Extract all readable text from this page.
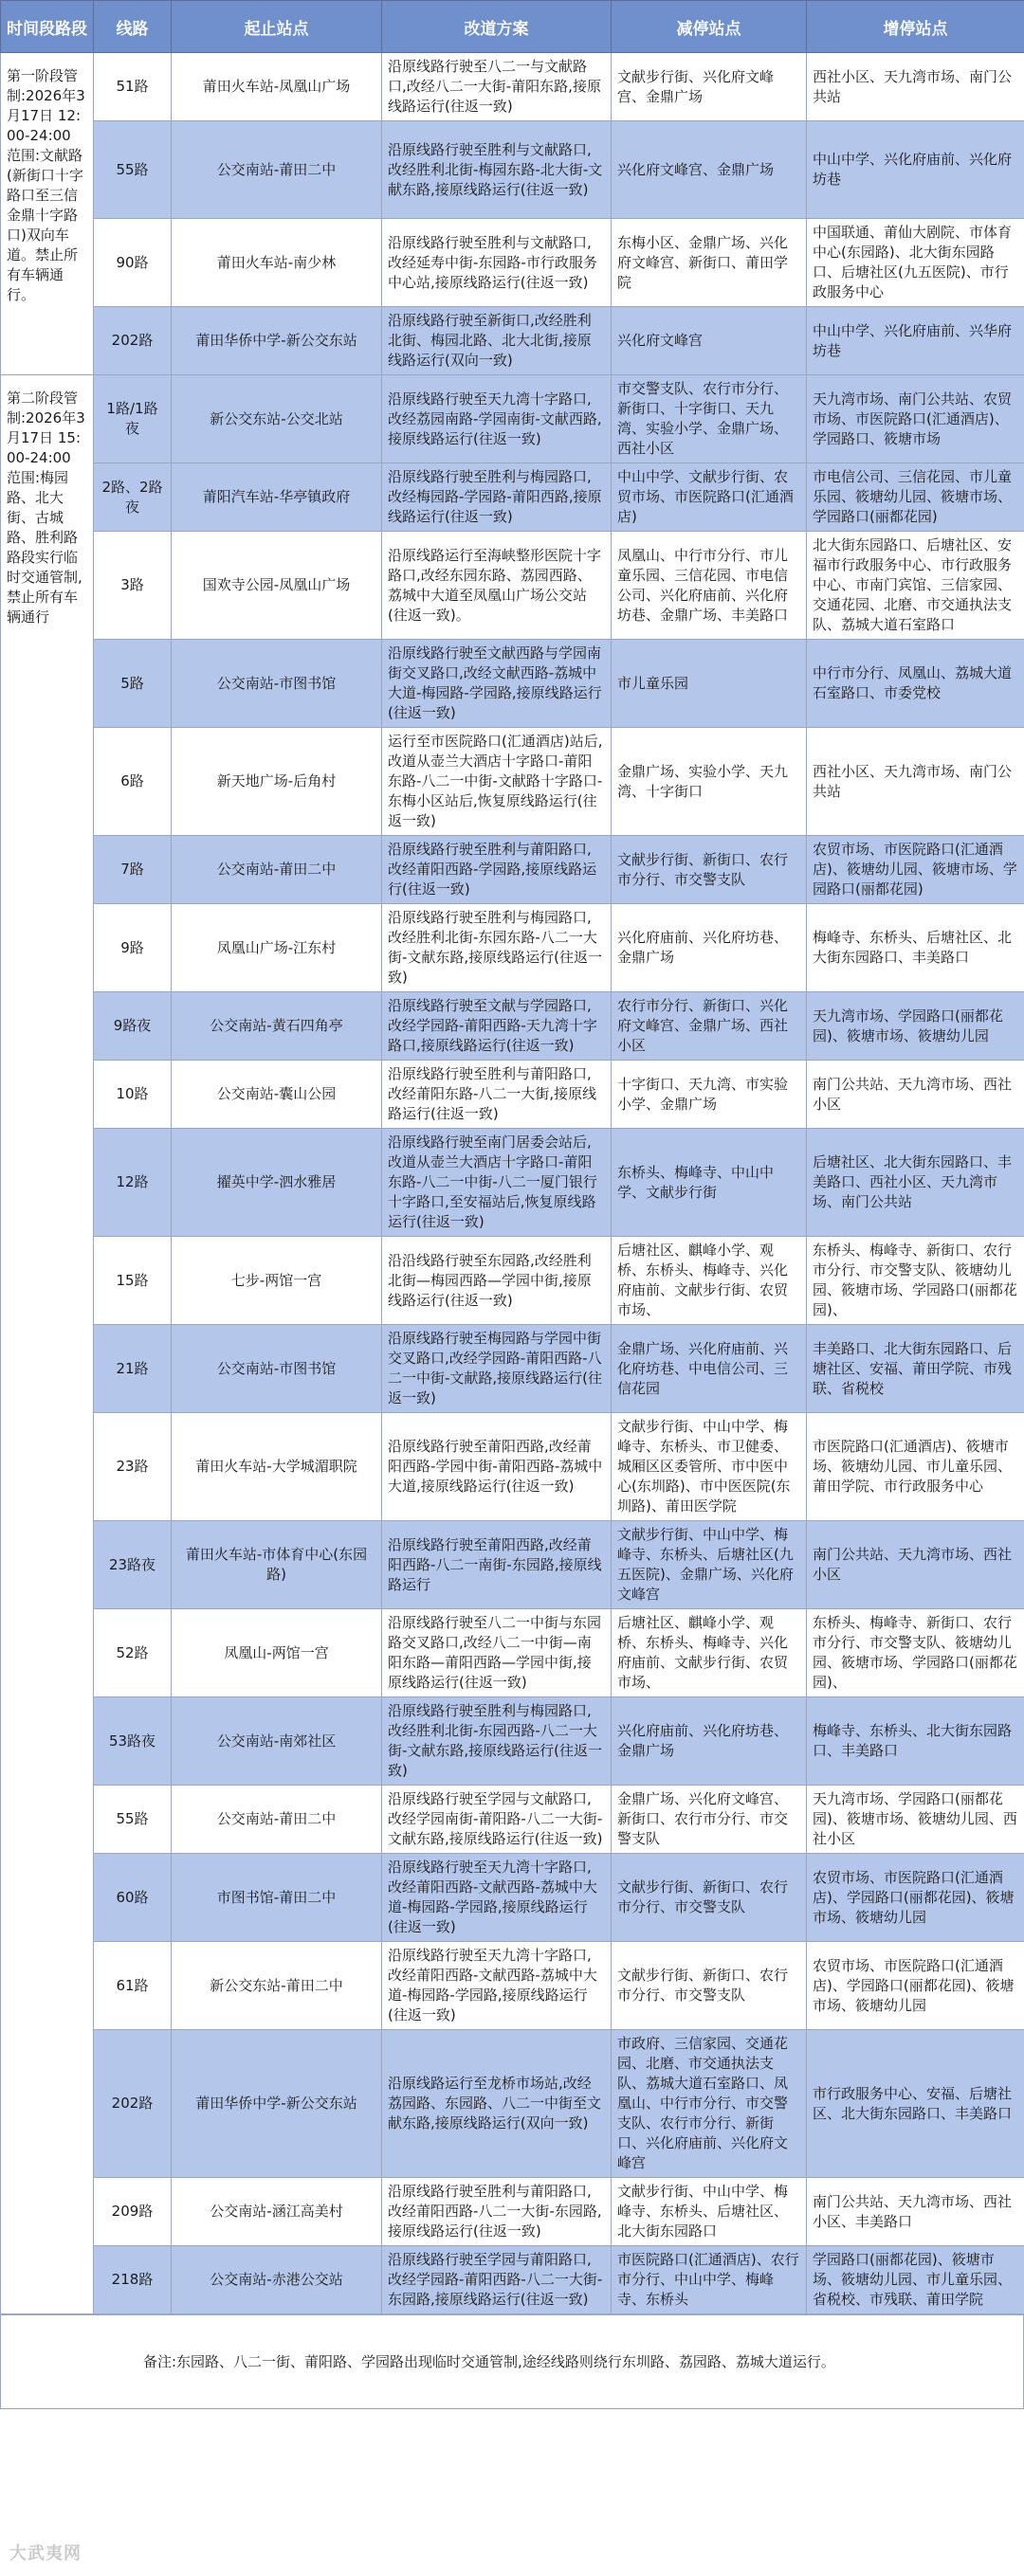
时间段路段	线路	起止站点	改道方案	减停站点	增停站点
第一阶段管制:2026年3月17日 12:00-24:00 范围:文献路(新街口十字路口至三信金鼎十字路口)双向车道。禁止所有车辆通行。	51路	莆田火车站-凤凰山广场	沿原线路行驶至八二一与文献路口,改经八二一大街-莆阳东路,接原线路运行(往返一致)	文献步行街、兴化府文峰宫、金鼎广场	西社小区、天九湾市场、南门公共站
	55路	公交南站-莆田二中	沿原线路行驶至胜利与文献路口,改经胜利北街-梅园东路-北大街-文献东路,接原线路运行(往返一致)	兴化府文峰宫、金鼎广场	中山中学、兴化府庙前、兴化府坊巷
	90路	莆田火车站-南少林	沿原线路行驶至胜利与文献路口,改经延寿中街-东园路-市行政服务中心站,接原线路运行(往返一致)	东梅小区、金鼎广场、兴化府文峰宫、新街口、莆田学院	中国联通、莆仙大剧院、市体育中心(东园路)、北大街东园路口、后塘社区(九五医院)、市行政服务中心
	202路	莆田华侨中学-新公交东站	沿原线路行驶至新街口,改经胜利北街、梅园北路、北大北街,接原线路运行(双向一致)	兴化府文峰宫	中山中学、兴化府庙前、兴华府坊巷
第二阶段管制:2026年3月17日 15:00-24:00 范围:梅园路、北大街、古城路、胜利路路段实行临时交通管制,禁止所有车辆通行	1路/1路夜	新公交东站-公交北站	沿原线路行驶至天九湾十字路口,改经荔园南路-学园南街-文献西路,接原线路运行(往返一致)	市交警支队、农行市分行、新街口、十字街口、天九湾、实验小学、金鼎广场、西社小区	天九湾市场、南门公共站、农贸市场、市医院路口(汇通酒店)、学园路口、筱塘市场
	2路、2路夜	莆阳汽车站-华亭镇政府	沿原线路行驶至胜利与梅园路口,改经梅园路-学园路-莆阳西路,接原线路运行(往返一致)	中山中学、文献步行街、农贸市场、市医院路口(汇通酒店)	市电信公司、三信花园、市儿童乐园、筱塘幼儿园、筱塘市场、学园路口(丽都花园)
	3路	国欢寺公园-凤凰山广场	沿原线路运行至海峡整形医院十字路口,改经东园东路、荔园西路、荔城中大道至凤凰山广场公交站(往返一致)。	凤凰山、中行市分行、市儿童乐园、三信花园、市电信公司、兴化府庙前、兴化府坊巷、金鼎广场、丰美路口	北大街东园路口、后塘社区、安福市行政服务中心、市行政服务中心、市南门宾馆、三信家园、交通花园、北磨、市交通执法支队、荔城大道石室路口
	5路	公交南站-市图书馆	沿原线路行驶至文献西路与学园南街交叉路口,改经文献西路-荔城中大道-梅园路-学园路,接原线路运行(往返一致)	市儿童乐园	中行市分行、凤凰山、荔城大道石室路口、市委党校
	6路	新天地广场-后角村	运行至市医院路口(汇通酒店)站后,改道从壶兰大酒店十字路口-莆阳东路-八二一中街-文献路十字路口-东梅小区站后,恢复原线路运行(往返一致)	金鼎广场、实验小学、天九湾、十字街口	西社小区、天九湾市场、南门公共站
	7路	公交南站-莆田二中	沿原线路行驶至胜利与莆阳路口,改经莆阳西路-学园路,接原线路运行(往返一致)	文献步行街、新街口、农行市分行、市交警支队	农贸市场、市医院路口(汇通酒店)、筱塘幼儿园、筱塘市场、学园路口(丽都花园)
	9路	凤凰山广场-江东村	沿原线路行驶至胜利与梅园路口,改经胜利北街-东园东路-八二一大街-文献东路,接原线路运行(往返一致)	兴化府庙前、兴化府坊巷、金鼎广场	梅峰寺、东桥头、后塘社区、北大街东园路口、丰美路口
	9路夜	公交南站-黄石四角亭	沿原线路行驶至文献与学园路口,改经学园路-莆阳西路-天九湾十字路口,接原线路运行(往返一致)	农行市分行、新街口、兴化府文峰宫、金鼎广场、西社小区	天九湾市场、学园路口(丽都花园)、筱塘市场、筱塘幼儿园
	10路	公交南站-囊山公园	沿原线路行驶至胜利与莆阳路口,改经莆阳东路-八二一大街,接原线路运行(往返一致)	十字街口、天九湾、市实验小学、金鼎广场	南门公共站、天九湾市场、西社小区
	12路	擢英中学-泗水雅居	沿原线路行驶至南门居委会站后,改道从壶兰大酒店十字路口-莆阳东路-八二一中街-八二一厦门银行十字路口,至安福站后,恢复原线路运行(往返一致)	东桥头、梅峰寺、中山中学、文献步行街	后塘社区、北大街东园路口、丰美路口、西社小区、天九湾市场、南门公共站
	15路	七步-两馆一宫	沿沿线路行驶至东园路,改经胜利北街—梅园西路—学园中街,接原线路运行(往返一致)	后塘社区、麒峰小学、观桥、东桥头、梅峰寺、兴化府庙前、文献步行街、农贸市场、	东桥头、梅峰寺、新街口、农行市分行、市交警支队、筱塘幼儿园、筱塘市场、学园路口(丽都花园)、
	21路	公交南站-市图书馆	沿原线路行驶至梅园路与学园中街交叉路口,改经学园路-莆阳西路-八二一中街-文献路,接原线路运行(往返一致)	金鼎广场、兴化府庙前、兴化府坊巷、中电信公司、三信花园	丰美路口、北大街东园路口、后塘社区、安福、莆田学院、市残联、省税校
	23路	莆田火车站-大学城湄职院	沿原线路行驶至莆阳西路,改经莆阳西路-学园中街-莆阳西路-荔城中大道,接原线路运行(往返一致)	文献步行街、中山中学、梅峰寺、东桥头、市卫健委、城厢区区委管所、市中医中心(东圳路)、市中医医院(东圳路)、莆田医学院	市医院路口(汇通酒店)、筱塘市场、筱塘幼儿园、市儿童乐园、莆田学院、市行政服务中心
	23路夜	莆田火车站-市体育中心(东园路)	沿原线路行驶至莆阳西路,改经莆阳西路-八二一南街-东园路,接原线路运行	文献步行街、中山中学、梅峰寺、东桥头、后塘社区(九五医院)、金鼎广场、兴化府文峰宫	南门公共站、天九湾市场、西社小区
	52路	凤凰山-两馆一宫	沿原线路行驶至八二一中街与东园路交叉路口,改经八二一中街—南阳东路—莆阳西路—学园中街,接原线路运行(往返一致)	后塘社区、麒峰小学、观桥、东桥头、梅峰寺、兴化府庙前、文献步行街、农贸市场、	东桥头、梅峰寺、新街口、农行市分行、市交警支队、筱塘幼儿园、筱塘市场、学园路口(丽都花园)、
	53路夜	公交南站-南郊社区	沿原线路行驶至胜利与梅园路口,改经胜利北街-东园西路-八二一大街-文献东路,接原线路运行(往返一致)	兴化府庙前、兴化府坊巷、金鼎广场	梅峰寺、东桥头、北大街东园路口、丰美路口
	55路	公交南站-莆田二中	沿原线路行驶至学园与文献路口,改经学园南街-莆阳路-八二一大街-文献东路,接原线路运行(往返一致)	金鼎广场、兴化府文峰宫、新街口、农行市分行、市交警支队	天九湾市场、学园路口(丽都花园)、筱塘市场、筱塘幼儿园、西社小区
	60路	市图书馆-莆田二中	沿原线路行驶至天九湾十字路口,改经莆阳西路-文献西路-荔城中大道-梅园路-学园路,接原线路运行(往返一致)	文献步行街、新街口、农行市分行、市交警支队	农贸市场、市医院路口(汇通酒店)、学园路口(丽都花园)、筱塘市场、筱塘幼儿园
	61路	新公交东站-莆田二中	沿原线路行驶至天九湾十字路口,改经莆阳西路-文献西路-荔城中大道-梅园路-学园路,接原线路运行(往返一致)	文献步行街、新街口、农行市分行、市交警支队	农贸市场、市医院路口(汇通酒店)、学园路口(丽都花园)、筱塘市场、筱塘幼儿园
	202路	莆田华侨中学-新公交东站	沿原线路运行至龙桥市场站,改经荔园路、东园路、八二一中街至文献东路,接原线路运行(双向一致)	市政府、三信家园、交通花园、北磨、市交通执法支队、荔城大道石室路口、凤凰山、中行市分行、市交警支队、农行市分行、新街口、兴化府庙前、兴化府文峰宫	市行政服务中心、安福、后塘社区、北大街东园路口、丰美路口
	209路	公交南站-涵江高美村	沿原线路行驶至胜利与莆阳路口,改经莆阳西路-八二一大街-东园路,接原线路运行(往返一致)	文献步行街、中山中学、梅峰寺、东桥头、后塘社区、北大街东园路口	南门公共站、天九湾市场、西社小区、丰美路口
	218路	公交南站-赤港公交站	沿原线路行驶至学园与莆阳路口,改经学园路-莆阳西路-八二一大街-东园路,接原线路运行(往返一致)	市医院路口(汇通酒店)、农行市分行、中山中学、梅峰寺、东桥头	学园路口(丽都花园)、筱塘市场、筱塘幼儿园、市儿童乐园、省税校、市残联、莆田学院
备注:东园路、八二一街、莆阳路、学园路出现临时交通管制,途经线路则绕行东圳路、荔园路、荔城大道运行。
大武夷网
